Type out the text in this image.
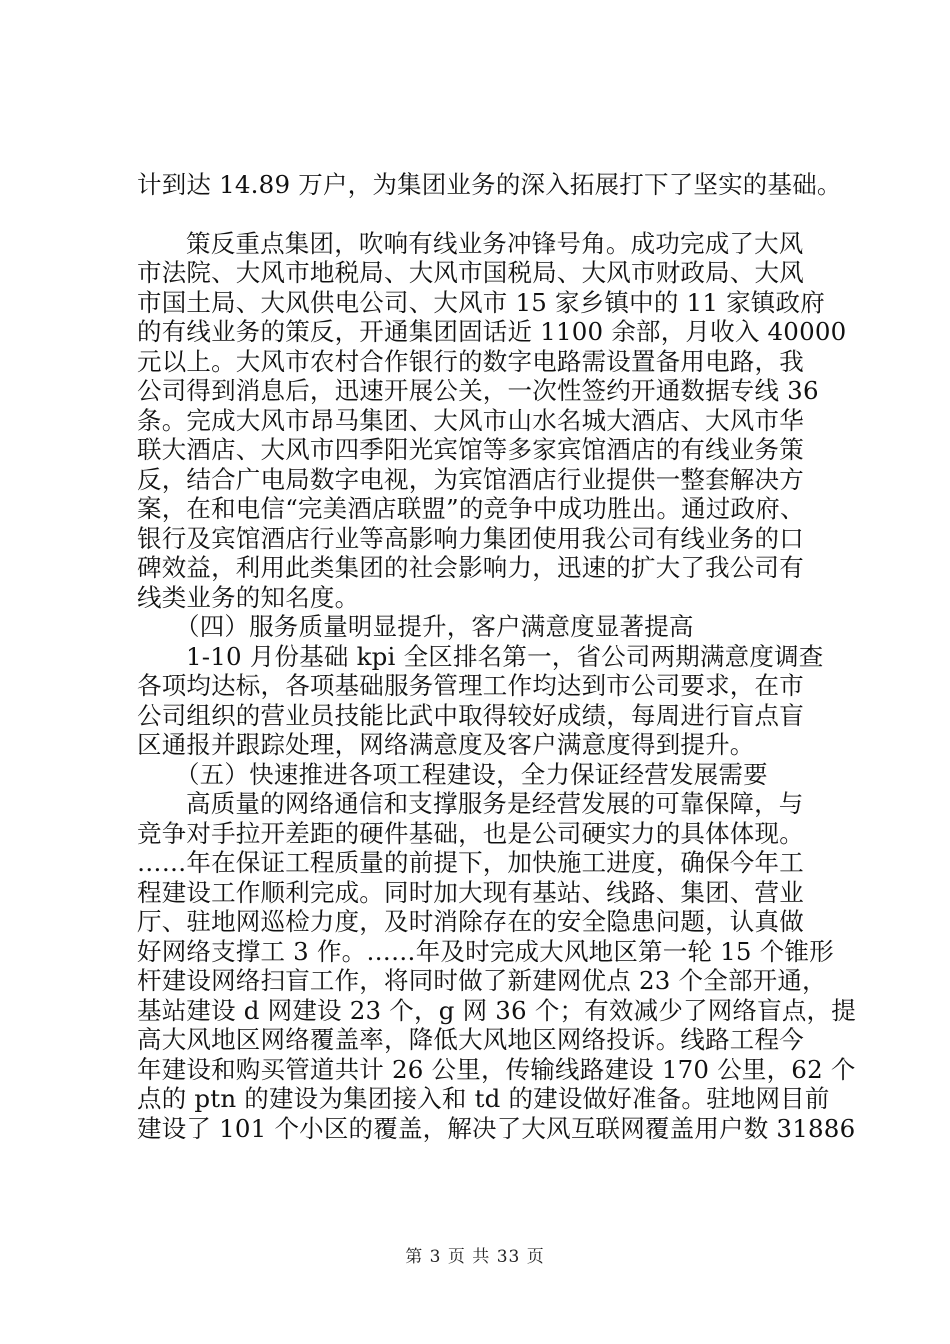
计到达 14.89 万户，为集团业务的深入拓展打下了坚实的基础。
策反重点集团，吹响有线业务冲锋号角。成功完成了大风
市法院、大风市地税局、大风市国税局、大风市财政局、大风
市国土局、大风供电公司、大风市 15 家乡镇中的 11 家镇政府
的有线业务的策反，开通集团固话近 1100 余部，月收入 40000
元以上。大风市农村合作银行的数字电路需设置备用电路，我
公司得到消息后，迅速开展公关，一次性签约开通数据专线 36
条。完成大风市昂马集团、大风市山水名城大酒店、大风市华
联大酒店、大风市四季阳光宾馆等多家宾馆酒店的有线业务策
反，结合广电局数字电视，为宾馆酒店行业提供一整套解决方
案，在和电信“完美酒店联盟”的竞争中成功胜出。通过政府、
银行及宾馆酒店行业等高影响力集团使用我公司有线业务的口
碑效益，利用此类集团的社会影响力，迅速的扩大了我公司有
线类业务的知名度。
（四）服务质量明显提升，客户满意度显著提高
1-10 月份基础 kpi 全区排名第一，省公司两期满意度调查
各项均达标，各项基础服务管理工作均达到市公司要求，在市
公司组织的营业员技能比武中取得较好成绩，每周进行盲点盲
区通报并跟踪处理，网络满意度及客户满意度得到提升。
（五）快速推进各项工程建设，全力保证经营发展需要
高质量的网络通信和支撑服务是经营发展的可靠保障，与
竞争对手拉开差距的硬件基础，也是公司硬实力的具体体现。
……年在保证工程质量的前提下，加快施工进度，确保今年工
程建设工作顺利完成。同时加大现有基站、线路、集团、营业
厅、驻地网巡检力度，及时消除存在的安全隐患问题，认真做
好网络支撑工 3 作。……年及时完成大风地区第一轮 15 个锥形
杆建设网络扫盲工作，将同时做了新建网优点 23 个全部开通，
基站建设 d 网建设 23 个，g 网 36 个；有效减少了网络盲点，提
高大风地区网络覆盖率，降低大风地区网络投诉。线路工程今
年建设和购买管道共计 26 公里，传输线路建设 170 公里，62 个
点的 ptn 的建设为集团接入和 td 的建设做好准备。驻地网目前
建设了 101 个小区的覆盖，解决了大风互联网覆盖用户数 31886
第 3 页 共 33 页
